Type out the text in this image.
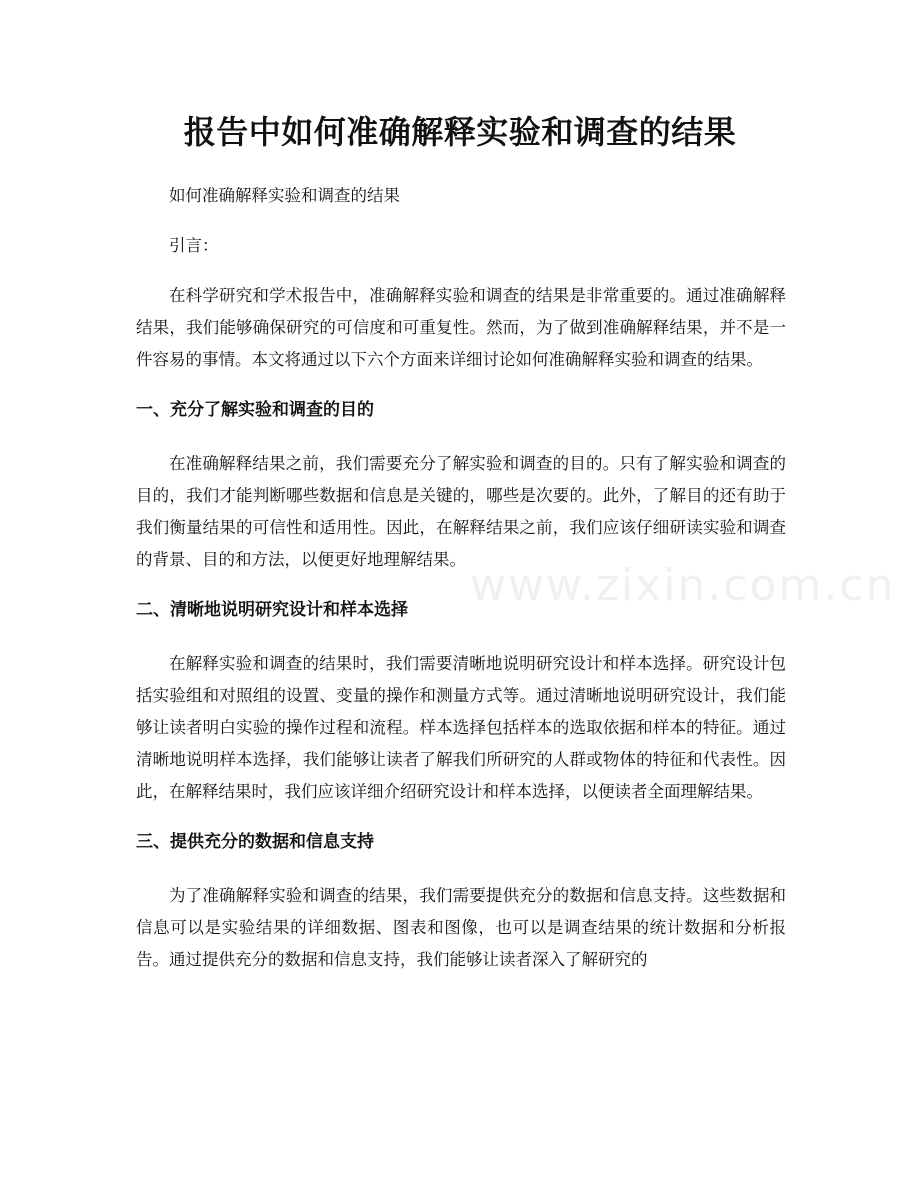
www.zixin.com.cn
报告中如何准确解释实验和调查的结果

如何准确解释实验和调查的结果

引言：

在科学研究和学术报告中，准确解释实验和调查的结果是非常重要的。通过准确解释结果，我们能够确保研究的可信度和可重复性。然而，为了做到准确解释结果，并不是一件容易的事情。本文将通过以下六个方面来详细讨论如何准确解释实验和调查的结果。

一、充分了解实验和调查的目的

在准确解释结果之前，我们需要充分了解实验和调查的目的。只有了解实验和调查的目的，我们才能判断哪些数据和信息是关键的，哪些是次要的。此外，了解目的还有助于我们衡量结果的可信性和适用性。因此，在解释结果之前，我们应该仔细研读实验和调查的背景、目的和方法，以便更好地理解结果。

二、清晰地说明研究设计和样本选择

在解释实验和调查的结果时，我们需要清晰地说明研究设计和样本选择。研究设计包括实验组和对照组的设置、变量的操作和测量方式等。通过清晰地说明研究设计，我们能够让读者明白实验的操作过程和流程。样本选择包括样本的选取依据和样本的特征。通过清晰地说明样本选择，我们能够让读者了解我们所研究的人群或物体的特征和代表性。因此，在解释结果时，我们应该详细介绍研究设计和样本选择，以便读者全面理解结果。

三、提供充分的数据和信息支持

为了准确解释实验和调查的结果，我们需要提供充分的数据和信息支持。这些数据和信息可以是实验结果的详细数据、图表和图像，也可以是调查结果的统计数据和分析报告。通过提供充分的数据和信息支持，我们能够让读者深入了解研究的
